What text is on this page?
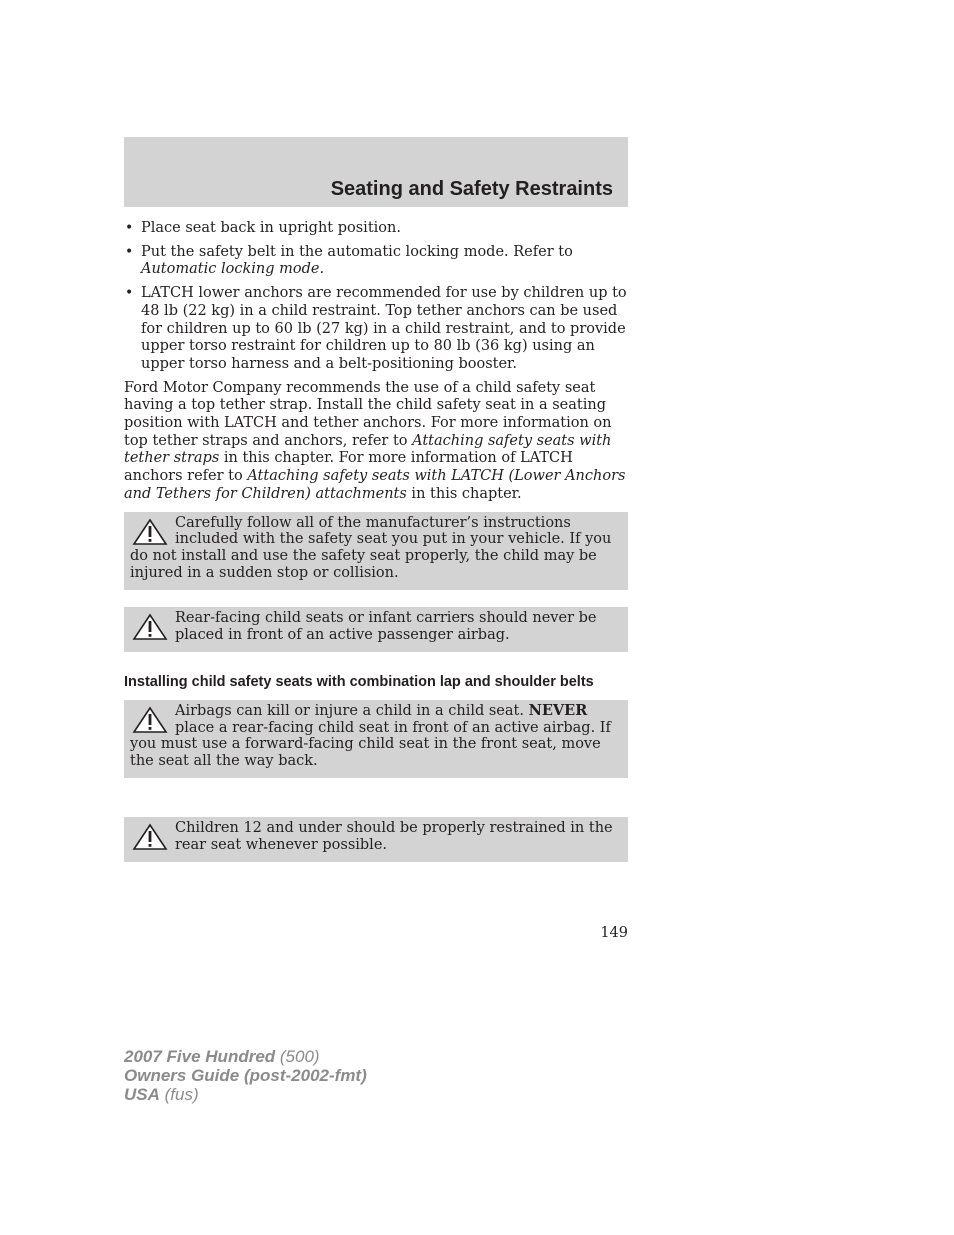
Seating and Safety Restraints
• Place seat back in upright position.
• Put the safety belt in the automatic locking mode. Refer to Automatic locking mode.
• LATCH lower anchors are recommended for use by children up to 48 lb (22 kg) in a child restraint. Top tether anchors can be used for children up to 60 lb (27 kg) in a child restraint, and to provide upper torso restraint for children up to 80 lb (36 kg) using an upper torso harness and a belt-positioning booster.

Ford Motor Company recommends the use of a child safety seat having a top tether strap. Install the child safety seat in a seating position with LATCH and tether anchors. For more information on top tether straps and anchors, refer to Attaching safety seats with tether straps in this chapter. For more information of LATCH anchors refer to Attaching safety seats with LATCH (Lower Anchors and Tethers for Children) attachments in this chapter.

Carefully follow all of the manufacturer’s instructions included with the safety seat you put in your vehicle. If you do not install and use the safety seat properly, the child may be injured in a sudden stop or collision.
Rear-facing child seats or infant carriers should never be placed in front of an active passenger airbag.
Installing child safety seats with combination lap and shoulder belts
Airbags can kill or injure a child in a child seat. NEVER place a rear-facing child seat in front of an active airbag. If you must use a forward-facing child seat in the front seat, move the seat all the way back.
Children 12 and under should be properly restrained in the rear seat whenever possible.
149
2007 Five Hundred (500)
Owners Guide (post-2002-fmt)
USA (fus)
